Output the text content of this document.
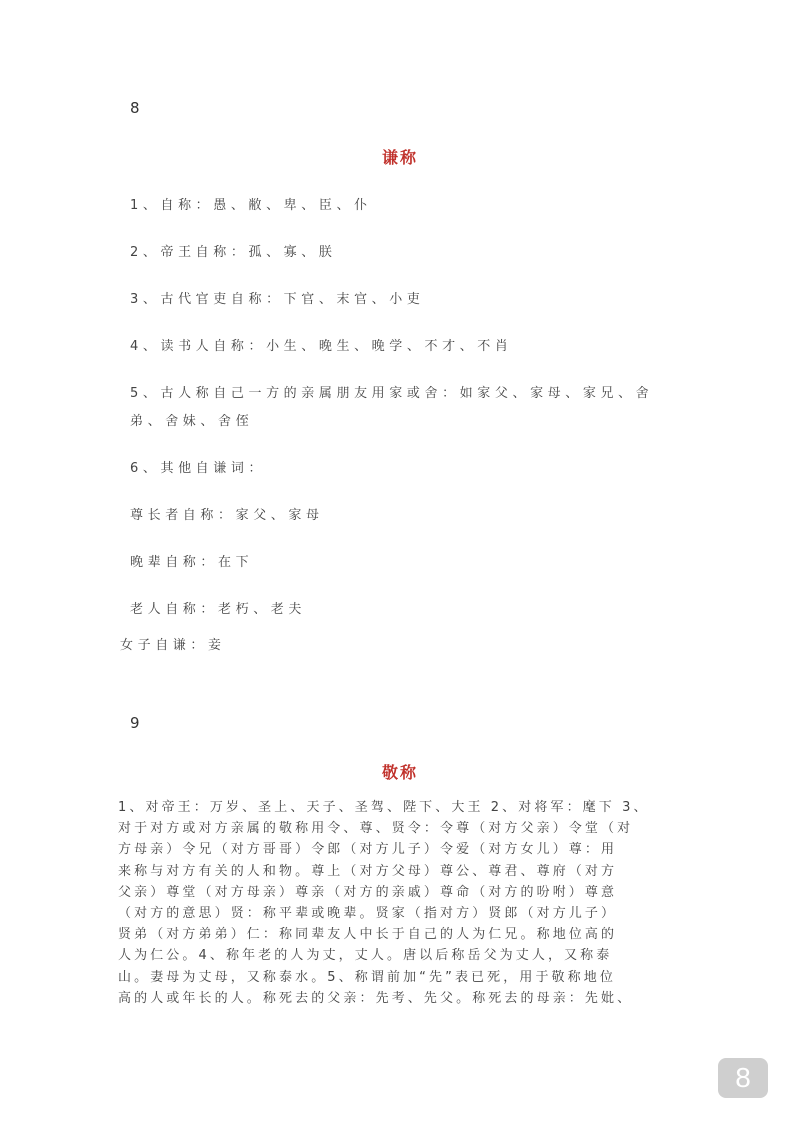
8
谦称
1、自称：愚、敝、卑、臣、仆
2、帝王自称：孤、寡、朕
3、古代官吏自称：下官、末官、小吏
4、读书人自称：小生、晚生、晚学、不才、不肖
5、古人称自己一方的亲属朋友用家或舍：如家父、家母、家兄、舍
弟、舍妹、舍侄
6、其他自谦词：
尊长者自称：家父、家母
晚辈自称：在下
老人自称：老朽、老夫
女子自谦：妾
9
敬称
1、对帝王：万岁、圣上、天子、圣驾、陛下、大王 2、对将军：麾下 3、
对于对方或对方亲属的敬称用令、尊、贤令：令尊（对方父亲）令堂（对
方母亲）令兄（对方哥哥）令郎（对方儿子）令爱（对方女儿）尊：用
来称与对方有关的人和物。尊上（对方父母）尊公、尊君、尊府（对方
父亲）尊堂（对方母亲）尊亲（对方的亲戚）尊命（对方的吩咐）尊意
（对方的意思）贤：称平辈或晚辈。贤家（指对方）贤郎（对方儿子）
贤弟（对方弟弟）仁：称同辈友人中长于自己的人为仁兄。称地位高的
人为仁公。4、称年老的人为丈，丈人。唐以后称岳父为丈人，又称泰
山。妻母为丈母，又称泰水。5、称谓前加“先”表已死，用于敬称地位
高的人或年长的人。称死去的父亲：先考、先父。称死去的母亲：先妣、
8
